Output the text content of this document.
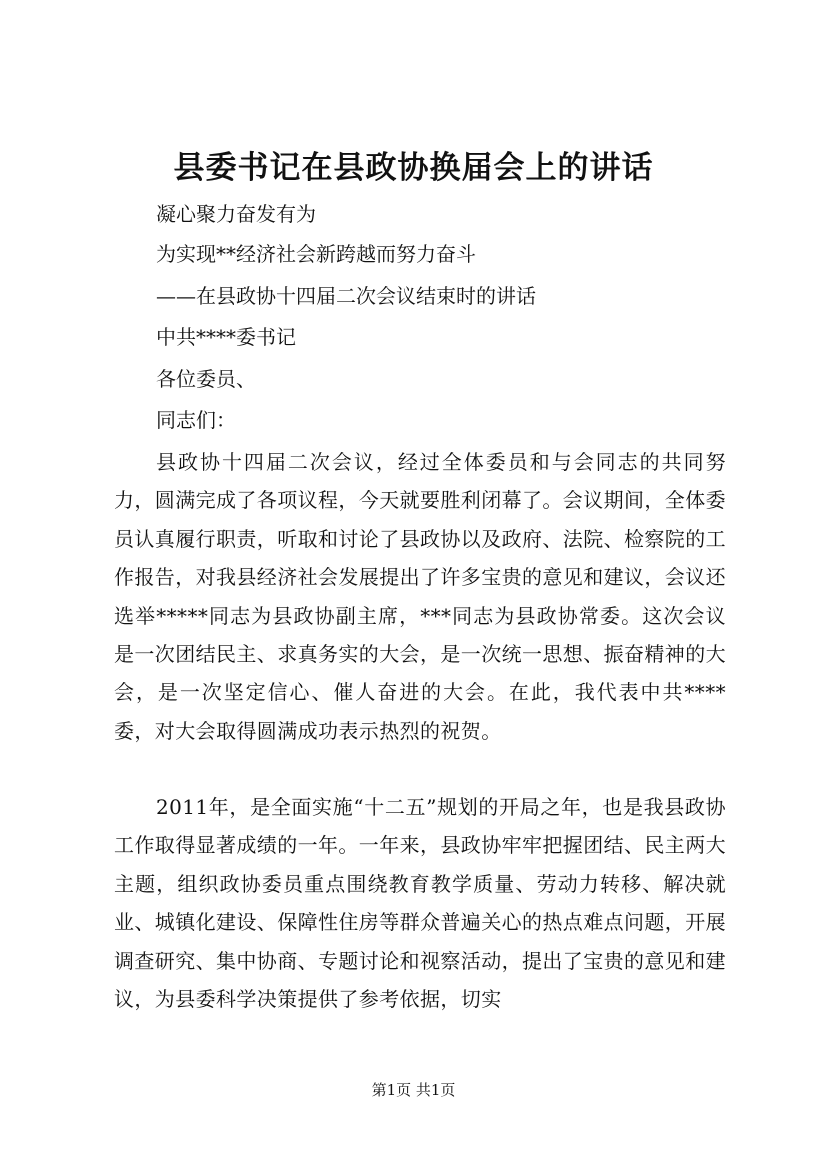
县委书记在县政协换届会上的讲话
凝心聚力奋发有为
为实现**经济社会新跨越而努力奋斗
——在县政协十四届二次会议结束时的讲话
中共****委书记
各位委员、
同志们：
县政协十四届二次会议，经过全体委员和与会同志的共同努力，圆满完成了各项议程，今天就要胜利闭幕了。会议期间，全体委员认真履行职责，听取和讨论了县政协以及政府、法院、检察院的工作报告，对我县经济社会发展提出了许多宝贵的意见和建议，会议还选举*****同志为县政协副主席，***同志为县政协常委。这次会议是一次团结民主、求真务实的大会，是一次统一思想、振奋精神的大会，是一次坚定信心、催人奋进的大会。在此，我代表中共****委，对大会取得圆满成功表示热烈的祝贺。
2011年，是全面实施“十二五”规划的开局之年，也是我县政协工作取得显著成绩的一年。一年来，县政协牢牢把握团结、民主两大主题，组织政协委员重点围绕教育教学质量、劳动力转移、解决就业、城镇化建设、保障性住房等群众普遍关心的热点难点问题，开展调查研究、集中协商、专题讨论和视察活动，提出了宝贵的意见和建议，为县委科学决策提供了参考依据，切实
第1页 共1页
